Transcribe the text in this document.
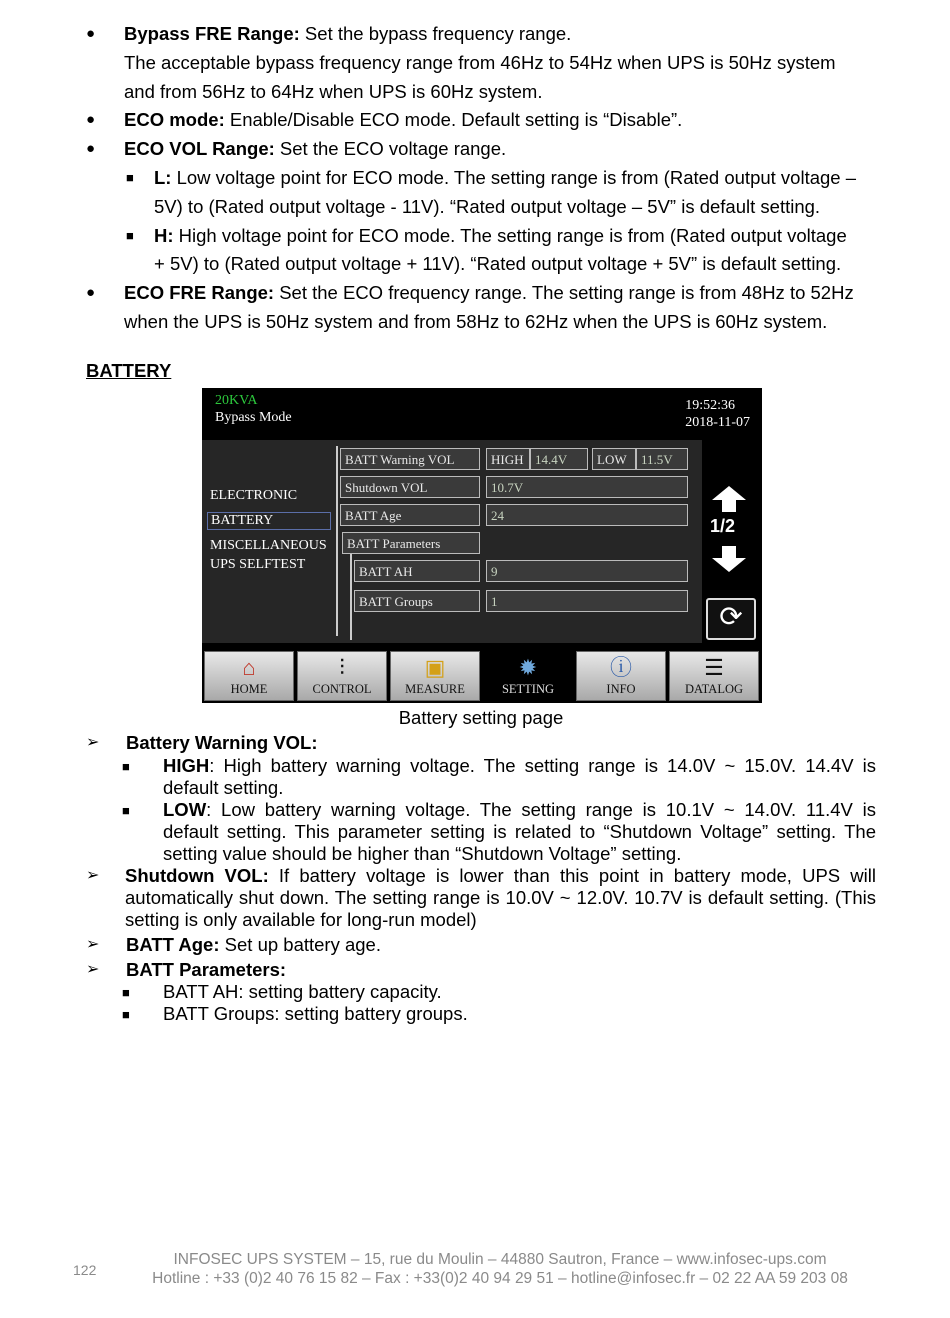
● Bypass FRE Range: Set the bypass frequency range.
The acceptable bypass frequency range from 46Hz to 54Hz when UPS is 50Hz system
and from 56Hz to 64Hz when UPS is 60Hz system.
● ECO mode: Enable/Disable ECO mode. Default setting is “Disable”.
● ECO VOL Range: Set the ECO voltage range.
■ L: Low voltage point for ECO mode. The setting range is from (Rated output voltage –
5V) to (Rated output voltage - 11V). “Rated output voltage – 5V” is default setting.
■ H: High voltage point for ECO mode. The setting range is from (Rated output voltage
+ 5V) to (Rated output voltage + 11V). “Rated output voltage + 5V” is default setting.
● ECO FRE Range: Set the ECO frequency range. The setting range is from 48Hz to 52Hz
when the UPS is 50Hz system and from 58Hz to 62Hz when the UPS is 60Hz system.
BATTERY
20KVA
Bypass Mode
19:52:36
2018-11-07
ELECTRONIC
BATTERY
MISCELLANEOUS
UPS SELFTEST
BATT Warning VOL	HIGH 14.4V	LOW	11.5V
Shutdown VOL	10.7V
BATT Age	24
BATT Parameters
BATT AH	9
BATT Groups	1
1/2
⟳
⌂
HOME
⫶
CONTROL
▣
MEASURE
✹
SETTING
ⓘ
INFO
☰
DATALOG
Battery setting page
➢ Battery Warning VOL:
■ HIGH: High battery warning voltage. The setting range is 14.0V ~ 15.0V. 14.4V is default setting.
■ LOW: Low battery warning voltage. The setting range is 10.1V ~ 14.0V. 11.4V is default setting. This parameter setting is related to “Shutdown Voltage” setting. The setting value should be higher than “Shutdown Voltage” setting.
➢ Shutdown VOL: If battery voltage is lower than this point in battery mode, UPS will automatically shut down. The setting range is 10.0V ~ 12.0V. 10.7V is default setting. (This setting is only available for long-run model)
➢ BATT Age: Set up battery age.
➢ BATT Parameters:
■ BATT AH: setting battery capacity.
■ BATT Groups: setting battery groups.
122
INFOSEC UPS SYSTEM – 15, rue du Moulin – 44880 Sautron, France – www.infosec-ups.com
Hotline : +33 (0)2 40 76 15 82 – Fax : +33(0)2 40 94 29 51 – hotline@infosec.fr – 02 22 AA 59 203 08
